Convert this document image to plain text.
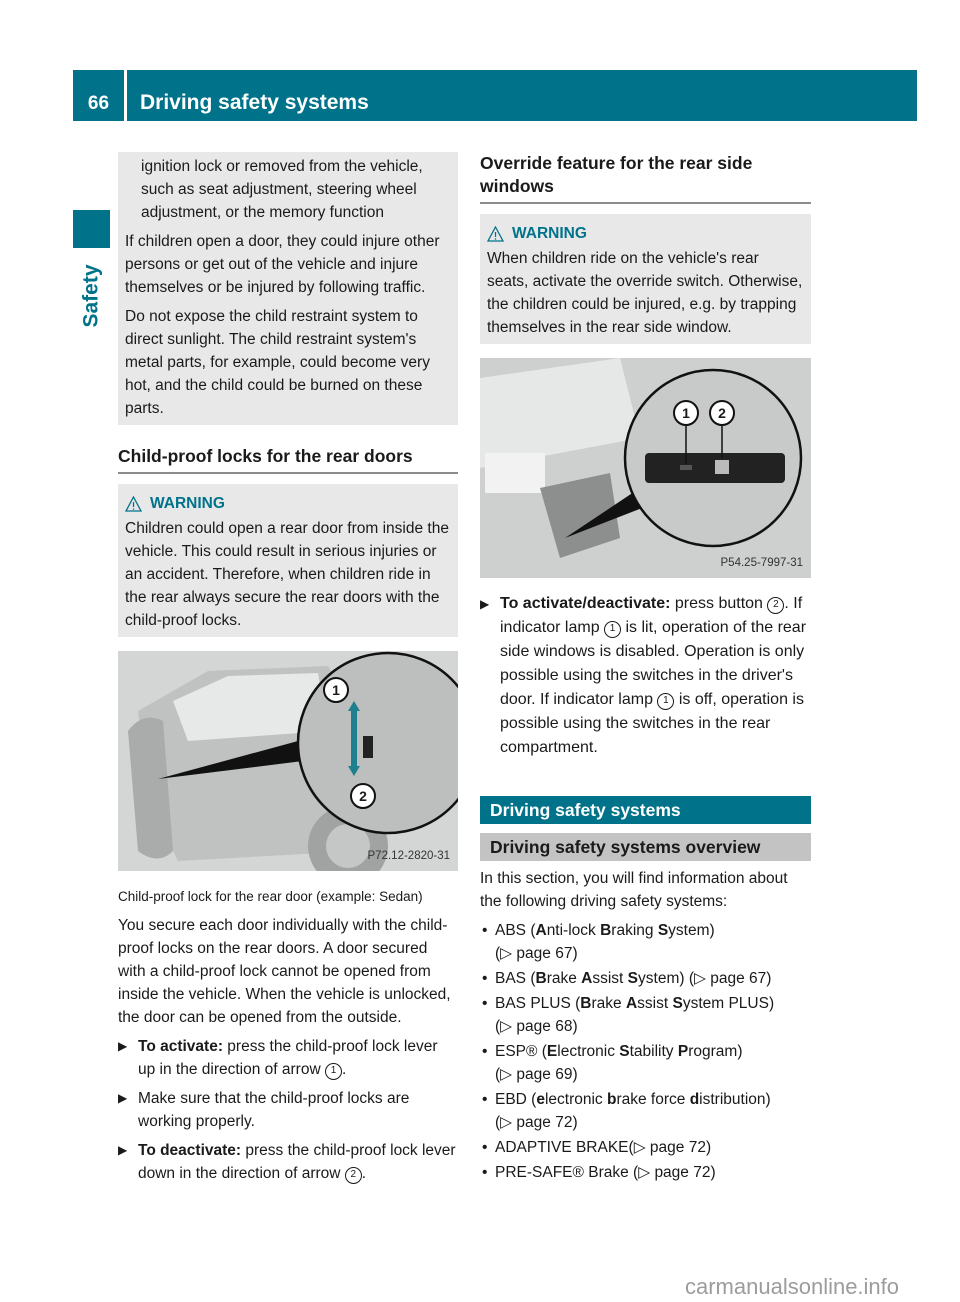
66 Driving safety systems
Safety

ignition lock or removed from the vehicle, such as seat adjustment, steering wheel adjustment, or the memory function

If children open a door, they could injure other persons or get out of the vehicle and injure themselves or be injured by following traffic.

Do not expose the child restraint system to direct sunlight. The child restraint system's metal parts, for example, could become very hot, and the child could be burned on these parts.

Child-proof locks for the rear doors
WARNING
Children could open a rear door from inside the vehicle. This could result in serious injuries or an accident. Therefore, when children ride in the rear always secure the rear doors with the child-proof locks.
1
2
P72.12-2820-31
Child-proof lock for the rear door (example: Sedan)

You secure each door individually with the child-proof locks on the rear doors. A door secured with a child-proof lock cannot be opened from inside the vehicle. When the vehicle is unlocked, the door can be opened from the outside.

▶ To activate: press the child-proof lock lever up in the direction of arrow 1 .
▶ Make sure that the child-proof locks are working properly.
▶ To deactivate: press the child-proof lock lever down in the direction of arrow 2 .
Override feature for the rear side windows
WARNING
When children ride on the vehicle's rear seats, activate the override switch. Otherwise, the children could be injured, e.g. by trapping themselves in the rear side window.
1	2
P54.25-7997-31
▶ To activate/deactivate: press button 2 . If indicator lamp 1 is lit, operation of the rear side windows is disabled. Operation is only possible using the switches in the driver's door. If indicator lamp 1 is off, operation is possible using the switches in the rear compartment.
Driving safety systems
Driving safety systems overview

In this section, you will find information about the following driving safety systems:

• ABS (Anti-lock Braking System)
(▷ page 67)
• BAS (Brake Assist System) (▷ page 67)
• BAS PLUS (Brake Assist System PLUS)
(▷ page 68)
• ESP® (Electronic Stability Program)
(▷ page 69)
• EBD (electronic brake force distribution)
(▷ page 72)
• ADAPTIVE BRAKE(▷ page 72)
• PRE-SAFE® Brake (▷ page 72)
carmanualsonline.info
